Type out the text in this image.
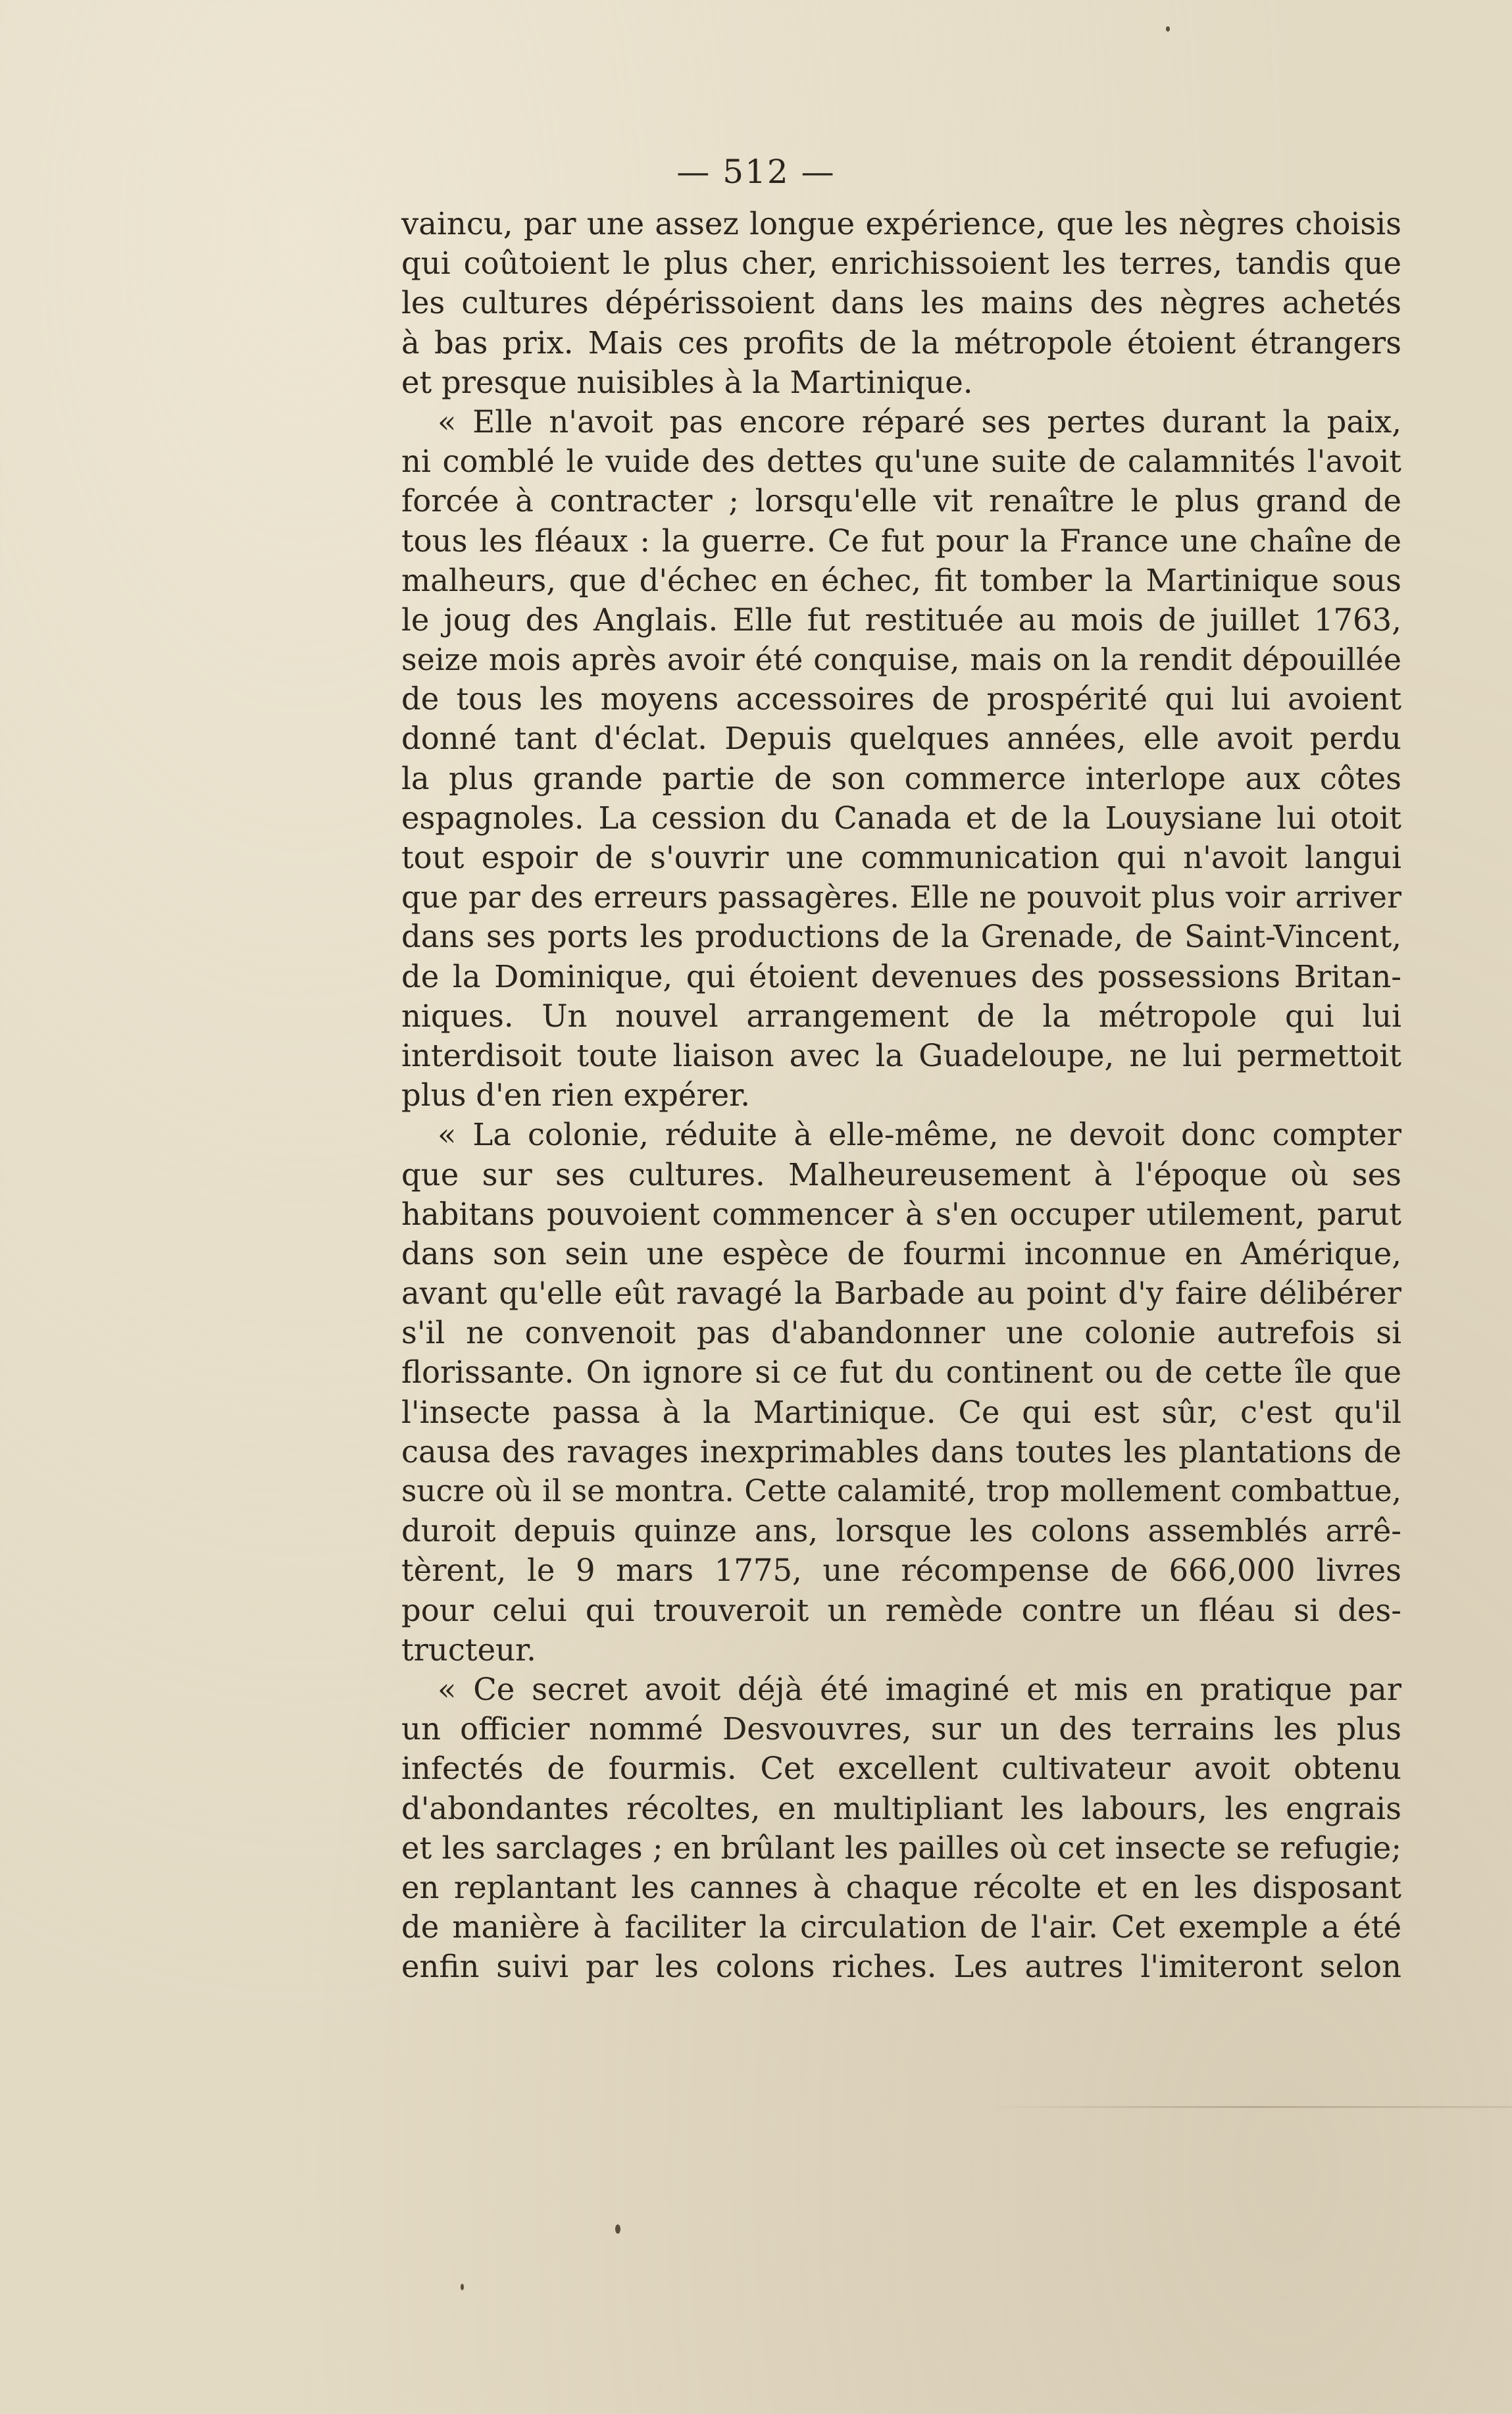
— 512 —
vaincu, par une assez longue expérience, que les nègres choisis
qui coûtoient le plus cher, enrichissoient les terres, tandis que
les cultures dépérissoient dans les mains des nègres achetés
à bas prix. Mais ces profits de la métropole étoient étrangers
et presque nuisibles à la Martinique.
« Elle n'avoit pas encore réparé ses pertes durant la paix,
ni comblé le vuide des dettes qu'une suite de calamnités l'avoit
forcée à contracter ; lorsqu'elle vit renaître le plus grand de
tous les fléaux : la guerre. Ce fut pour la France une chaîne de
malheurs, que d'échec en échec, fit tomber la Martinique sous
le joug des Anglais. Elle fut restituée au mois de juillet 1763,
seize mois après avoir été conquise, mais on la rendit dépouillée
de tous les moyens accessoires de prospérité qui lui avoient
donné tant d'éclat. Depuis quelques années, elle avoit perdu
la plus grande partie de son commerce interlope aux côtes
espagnoles. La cession du Canada et de la Louysiane lui otoit
tout espoir de s'ouvrir une communication qui n'avoit langui
que par des erreurs passagères. Elle ne pouvoit plus voir arriver
dans ses ports les productions de la Grenade, de Saint-Vincent,
de la Dominique, qui étoient devenues des possessions Britan-
niques. Un nouvel arrangement de la métropole qui lui
interdisoit toute liaison avec la Guadeloupe, ne lui permettoit
plus d'en rien expérer.
« La colonie, réduite à elle-même, ne devoit donc compter
que sur ses cultures. Malheureusement à l'époque où ses
habitans pouvoient commencer à s'en occuper utilement, parut
dans son sein une espèce de fourmi inconnue en Amérique,
avant qu'elle eût ravagé la Barbade au point d'y faire délibérer
s'il ne convenoit pas d'abandonner une colonie autrefois si
florissante. On ignore si ce fut du continent ou de cette île que
l'insecte passa à la Martinique. Ce qui est sûr, c'est qu'il
causa des ravages inexprimables dans toutes les plantations de
sucre où il se montra. Cette calamité, trop mollement combattue,
duroit depuis quinze ans, lorsque les colons assemblés arrê-
tèrent, le 9 mars 1775, une récompense de 666,000 livres
pour celui qui trouveroit un remède contre un fléau si des-
tructeur.
« Ce secret avoit déjà été imaginé et mis en pratique par
un officier nommé Desvouvres, sur un des terrains les plus
infectés de fourmis. Cet excellent cultivateur avoit obtenu
d'abondantes récoltes, en multipliant les labours, les engrais
et les sarclages ; en brûlant les pailles où cet insecte se refugie;
en replantant les cannes à chaque récolte et en les disposant
de manière à faciliter la circulation de l'air. Cet exemple a été
enfin suivi par les colons riches. Les autres l'imiteront selon
